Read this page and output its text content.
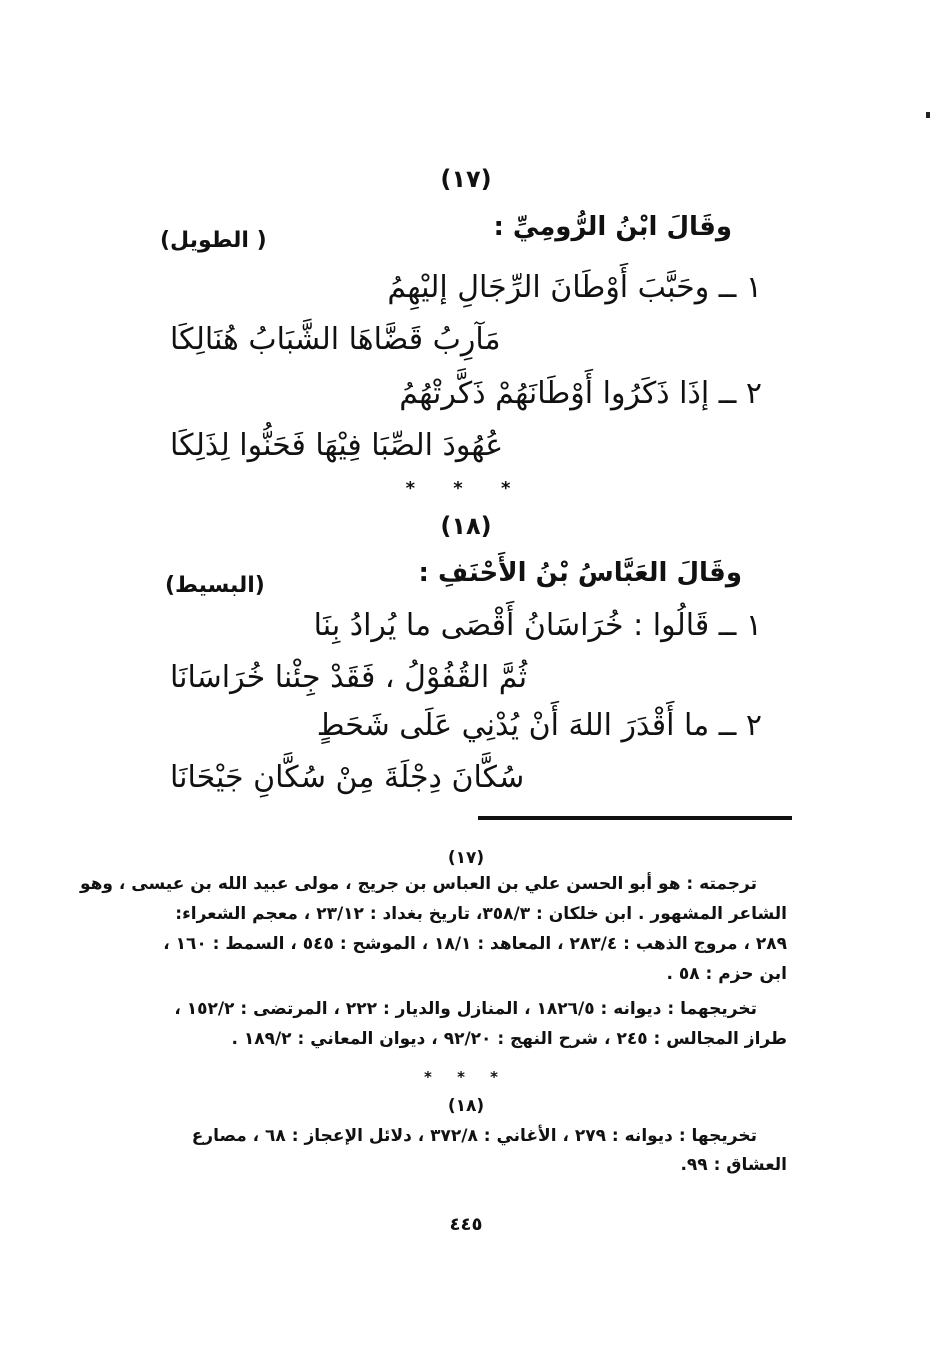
(١٧)
وقَالَ ابْنُ الرُّومِيِّ :
( الطويل)
١ ــ وحَبَّبَ أَوْطَانَ الرِّجَالِ إليْهِمُ
مَآرِبُ قَضَّاهَا الشَّبَابُ هُنَالِكَا
٢ ــ إذَا ذَكَرُوا أَوْطَانَهُمْ ذَكَّرتْهُمُ
عُهُودَ الصِّبَا فِيْهَا فَحَنُّوا لِذَلِكَا
* * *
(١٨)
وقَالَ العَبَّاسُ بْنُ الأَحْنَفِ :
(البسيط)
١ ــ قَالُوا : خُرَاسَانُ أَقْصَى ما يُرادُ بِنَا
ثُمَّ القُفُوْلُ ، فَقَدْ جِئْنا خُرَاسَانَا
٢ ــ ما أَقْدَرَ اللهَ أَنْ يُدْنِي عَلَى شَحَطٍ
سُكَّانَ دِجْلَةَ مِنْ سُكَّانِ جَيْحَانَا
(١٧)
ترجمته : هو أبو الحسن علي بن العباس بن جريج ، مولى عبيد الله بن عيسى ، وهو
الشاعر المشهور . ابن خلكان : ٣٥٨/٣، تاريخ بغداد : ٢٣/١٢ ، معجم الشعراء:
٢٨٩ ، مروج الذهب : ٢٨٣/٤ ، المعاهد : ١٨/١ ، الموشح : ٥٤٥ ، السمط : ١٦٠ ،
ابن حزم : ٥٨ .
تخريجهما : ديوانه : ١٨٢٦/٥ ، المنازل والديار : ٢٢٢ ، المرتضى : ١٥٢/٢ ،
طراز المجالس : ٢٤٥ ، شرح النهج : ٩٢/٢٠ ، ديوان المعاني : ١٨٩/٢ .
* * *
(١٨)
تخريجها : ديوانه : ٢٧٩ ، الأغاني : ٣٧٢/٨ ، دلائل الإعجاز : ٦٨ ، مصارع
العشاق : ٩٩.
٤٤٥
